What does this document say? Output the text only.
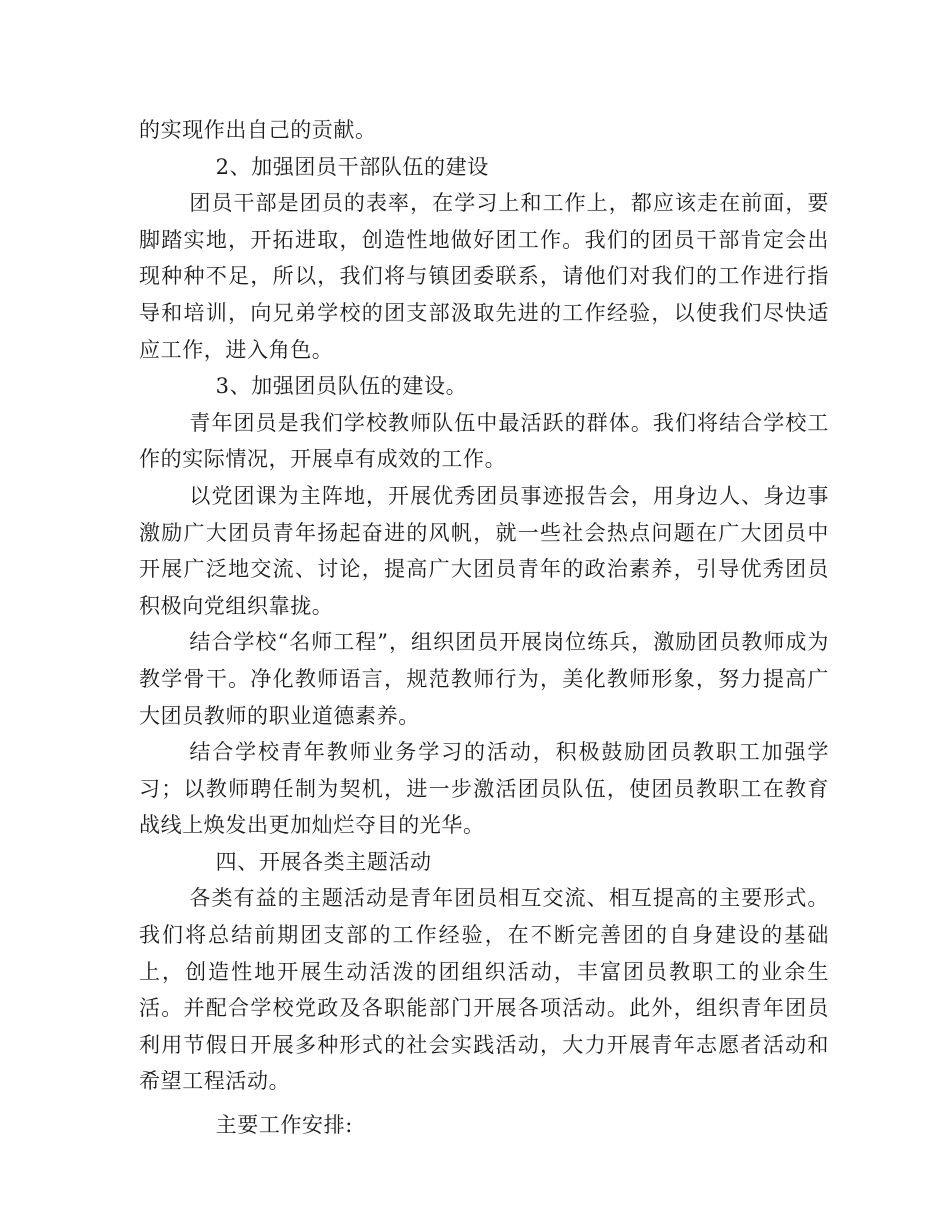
的实现作出自己的贡献。

2、加强团员干部队伍的建设

团员干部是团员的表率，在学习上和工作上，都应该走在前面，要脚踏实地，开拓进取，创造性地做好团工作。我们的团员干部肯定会出现种种不足，所以，我们将与镇团委联系，请他们对我们的工作进行指导和培训，向兄弟学校的团支部汲取先进的工作经验，以使我们尽快适应工作，进入角色。

3、加强团员队伍的建设。

青年团员是我们学校教师队伍中最活跃的群体。我们将结合学校工作的实际情况，开展卓有成效的工作。

以党团课为主阵地，开展优秀团员事迹报告会，用身边人、身边事激励广大团员青年扬起奋进的风帆，就一些社会热点问题在广大团员中开展广泛地交流、讨论，提高广大团员青年的政治素养，引导优秀团员积极向党组织靠拢。

结合学校“名师工程”，组织团员开展岗位练兵，激励团员教师成为教学骨干。净化教师语言，规范教师行为，美化教师形象，努力提高广大团员教师的职业道德素养。

结合学校青年教师业务学习的活动，积极鼓励团员教职工加强学习；以教师聘任制为契机，进一步激活团员队伍，使团员教职工在教育战线上焕发出更加灿烂夺目的光华。

四、开展各类主题活动

各类有益的主题活动是青年团员相互交流、相互提高的主要形式。我们将总结前期团支部的工作经验，在不断完善团的自身建设的基础上，创造性地开展生动活泼的团组织活动，丰富团员教职工的业余生活。并配合学校党政及各职能部门开展各项活动。此外，组织青年团员利用节假日开展多种形式的社会实践活动，大力开展青年志愿者活动和希望工程活动。

主要工作安排:
